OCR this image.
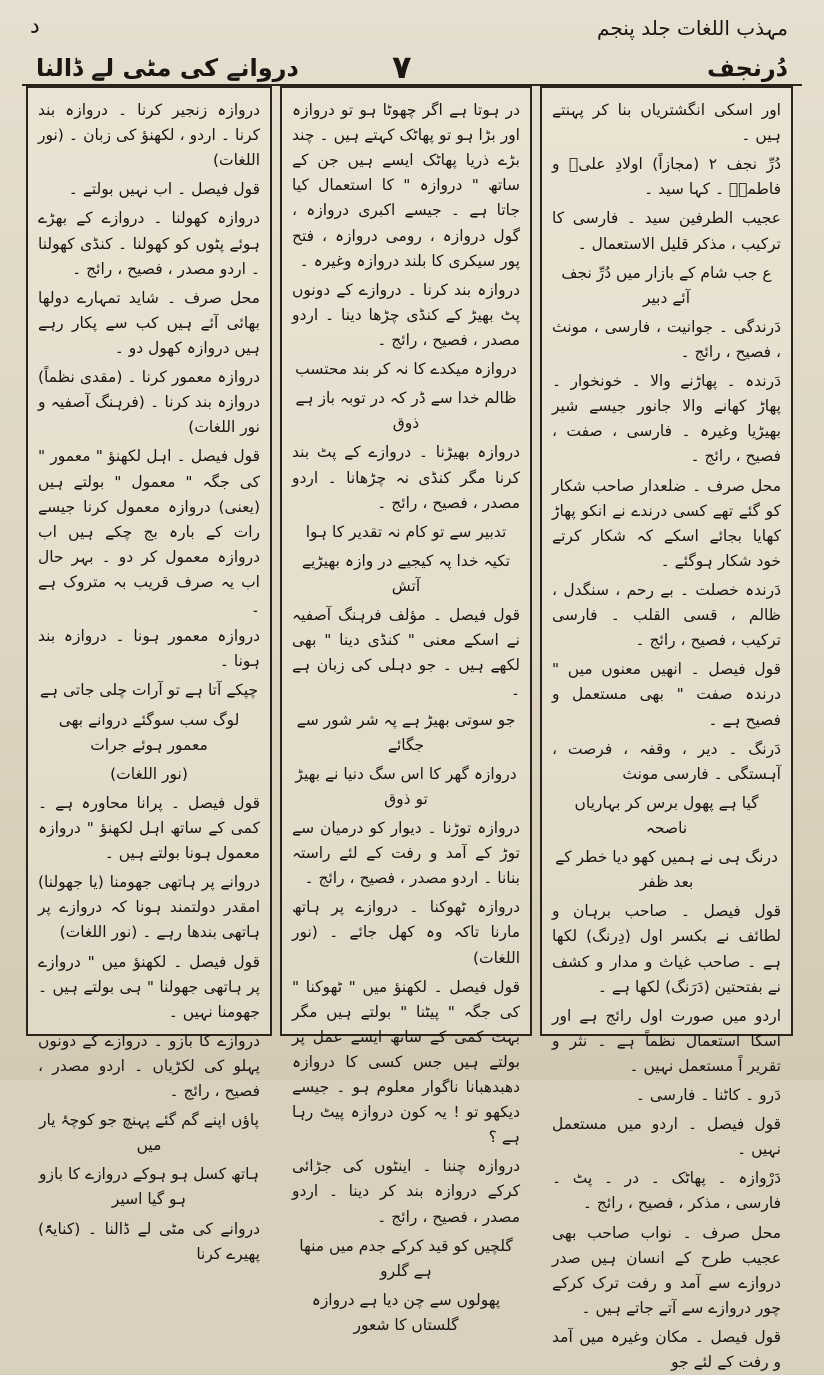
د	مہذب اللغات جلد پنجم
دُرنجف
۷
دروانے کی مٹی لے ڈالنا

دروازہ زنجیر کرنا ۔ دروازہ بند کرنا ۔ اردو ، لکھنؤ کی زبان ۔ (نور اللغات)

قول فیصل ۔ اب نہیں بولتے ۔

دروازہ کھولنا ۔ دروازے کے بھڑے ہوئے پٹوں کو کھولنا ۔ کنڈی کھولنا ۔ اردو مصدر ، فصیح ، رائج ۔

محل صرف ۔ شاید تمہارے دولھا بھائی آئے ہیں کب سے پکار رہے ہیں دروازہ کھول دو ۔

دروازہ معمور کرنا ۔ (مقدی نظماً) دروازہ بند کرنا ۔ (فرہنگ آصفیہ و نور اللغات)

قول فیصل ۔ اہل لکھنؤ " معمور " کی جگہ " معمول " بولتے ہیں (یعنی) دروازہ معمول کرنا جیسے رات کے بارہ بج چکے ہیں اب دروازہ معمول کر دو ۔ بہر حال اب یہ صرف قریب بہ متروک ہے ۔

دروازہ معمور ہونا ۔ دروازہ بند ہونا ۔

چپکے آتا ہے تو آرات چلی جاتی ہے

لوگ سب سوگئے دروانے بھی معمور ہوئے جرات

(نور اللغات)

قول فیصل ۔ پرانا محاورہ ہے ۔ کمی کے ساتھ اہل لکھنؤ " دروازہ معمول ہونا بولتے ہیں ۔

دروانے پر ہاتھی جھومنا (یا جھولنا) امقدر دولتمند ہونا کہ دروازے پر ہاتھی بندھا رہے ۔ (نور اللغات)

قول فیصل ۔ لکھنؤ میں " دروازے پر ہاتھی جھولنا " ہی بولتے ہیں ۔ جھومنا نہیں ۔

دروازے کا بازو ۔ دروازے کے دونوں پہلو کی لکڑیاں ۔ اردو مصدر ، فصیح ، رائج ۔

پاؤں اپنے گم گئے پہنچ جو کوچۂ یار میں

ہاتھ کسل ہو ہوکے دروازے کا بازو ہو گیا اسیر

دروانے کی مٹی لے ڈالنا ۔ (کنایۃً) پھیرے کرنا

در ہوتا ہے اگر چھوٹا ہو تو دروازہ اور بڑا ہو تو پھاٹک کہتے ہیں ۔ چند بڑے ذریا پھاٹک ایسے ہیں جن کے ساتھ " دروازہ " کا استعمال کیا جاتا ہے ۔ جیسے اکبری دروازہ ، گول دروازہ ، رومی دروازہ ، فتح پور سیکری کا بلند دروازہ وغیرہ ۔

دروازہ بند کرنا ۔ دروازے کے دونوں پٹ بھیڑ کے کنڈی چڑھا دینا ۔ اردو مصدر ، فصیح ، رائج ۔

دروازہ میکدے کا نہ کر بند محتسب

ظالم خدا سے ڈر کہ در توبہ باز ہے ذوق

دروازہ بھیڑنا ۔ دروازے کے پٹ بند کرنا مگر کنڈی نہ چڑھانا ۔ اردو مصدر ، فصیح ، رائج ۔

تدبیر سے تو کام نہ تقدیر کا ہوا

تکیہ خدا پہ کیجیے در وازہ بھیڑیے آتش

قول فیصل ۔ مؤلف فرہنگ آصفیہ نے اسکے معنی " کنڈی دینا " بھی لکھے ہیں ۔ جو دہلی کی زبان ہے ۔

جو سوتی بھیڑ ہے پہ شر شور سے جگائے

دروازہ گھر کا اس سگ دنیا نے بھیڑ تو ذوق

دروازہ توڑنا ۔ دیوار کو درمیان سے توڑ کے آمد و رفت کے لئے راستہ بنانا ۔ اردو مصدر ، فصیح ، رائج ۔

دروازہ ٹھوکنا ۔ دروازے پر ہاتھ مارنا تاکہ وہ کھل جائے ۔ (نور اللغات)

قول فیصل ۔ لکھنؤ میں " ٹھوکنا " کی جگہ " پیٹنا " بولتے ہیں مگر بہت کمی کے ساتھ ایسے عمل پر بولتے ہیں جس کسی کا دروازہ دھبدھبانا ناگوار معلوم ہو ۔ جیسے دیکھو تو ! یہ کون دروازہ پیٹ رہا ہے ؟

دروازہ چننا ۔ اینٹوں کی جڑائی کرکے دروازہ بند کر دینا ۔ اردو مصدر ، فصیح ، رائج ۔

گلچیں کو قید کرکے جدم میں منھا ہے گلرو

پھولوں سے چن دیا ہے دروازہ گلستاں کا شعور

اور اسکی انگشتریاں بنا کر پہنتے ہیں ۔

دُرِّ نجف ۲ (مجازاً) اولادِ علیؑ و فاطمہؑ ۔ کہا سید ۔

عجیب الطرفین سید ۔ فارسی کا ترکیب ، مذکر قلیل الاستعمال ۔

ع جب شام کے بازار میں دُرِّ نجف آئے دبیر

دَرندگی ۔ جوانیت ، فارسی ، مونث ، فصیح ، رائج ۔

دَرندہ ۔ پھاڑنے والا ۔ خونخوار ۔ پھاڑ کھانے والا جانور جیسے شیر بھیڑیا وغیرہ ۔ فارسی ، صفت ، فصیح ، رائج ۔

محل صرف ۔ ضلعدار صاحب شکار کو گئے تھے کسی درندے نے انکو پھاڑ کھایا بجائے اسکے کہ شکار کرتے خود شکار ہوگئے ۔

دَرندہ خصلت ۔ بے رحم ، سنگدل ، ظالم ، قسی القلب ۔ فارسی ترکیب ، فصیح ، رائج ۔

قول فیصل ۔ انھیں معنوں میں " درندہ صفت " بھی مستعمل و فصیح ہے ۔

دَرنگ ۔ دیر ، وقفہ ، فرصت ، آہستگی ۔ فارسی مونث

گیا ہے پھول برس کر بہاریاں ناصحہ

درنگ ہی نے ہمیں کھو دیا خطر کے بعد ظفر

قول فیصل ۔ صاحب برہان و لطائف نے بکسر اول (دِرنگ) لکھا ہے ۔ صاحب غیاث و مدار و کشف نے بفتحتین (دَرَنگ) لکھا ہے ۔

اردو میں صورت اول رائج ہے اور اسکا استعمال نظماً ہے ۔ نثر و تقریر اً مستعمل نہیں ۔

دَرو ۔ کاٹنا ۔ فارسی ۔

قول فیصل ۔ اردو میں مستعمل نہیں ۔

دَرْوازہ ۔ پھاٹک ۔ در ۔ پٹ ۔ فارسی ، مذکر ، فصیح ، رائج ۔

محل صرف ۔ نواب صاحب بھی عجیب طرح کے انسان ہیں صدر دروازے سے آمد و رفت ترک کرکے چور دروازے سے آتے جاتے ہیں ۔

قول فیصل ۔ مکان وغیرہ میں آمد و رفت کے لئے جو
